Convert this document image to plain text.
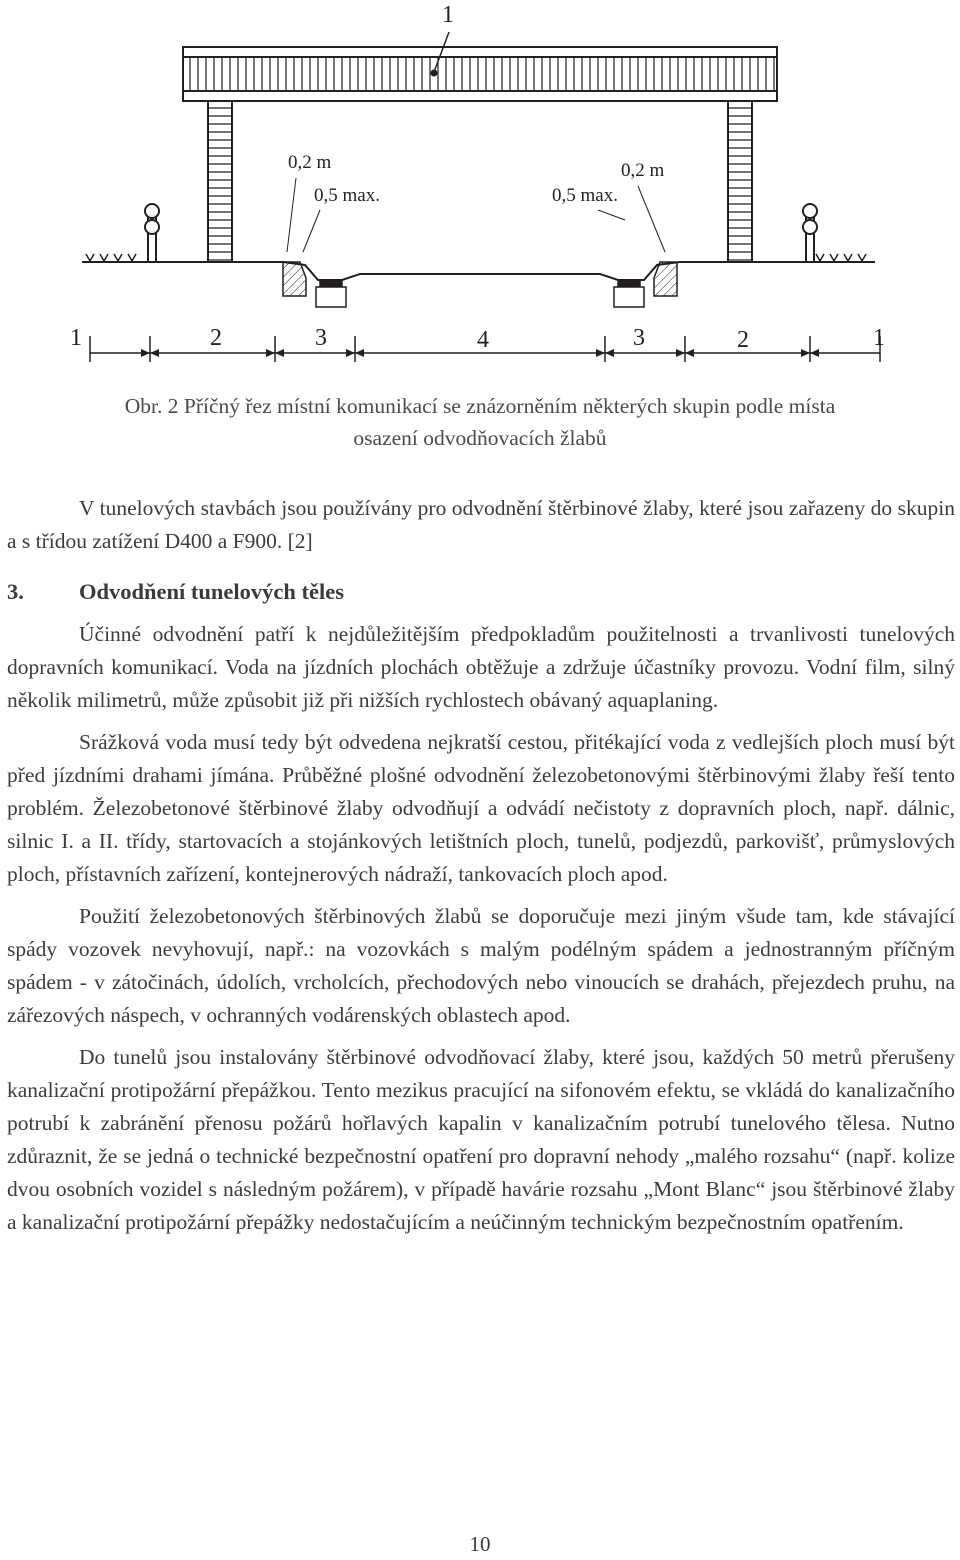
1
0,2 m
0,5 max.
0,2 m
0,5 max.
1	2	3	4	3	2	1
Obr. 2 Příčný řez místní komunikací se znázorněním některých skupin podle místa
osazení odvodňovacích žlabů

V tunelových stavbách jsou používány pro odvodnění štěrbinové žlaby, které jsou zařazeny do skupin a s třídou zatížení D400 a F900. [2]

3. Odvodňení tunelových těles

Účinné odvodnění patří k nejdůležitějším předpokladům použitelnosti a trvanlivosti tunelových dopravních komunikací. Voda na jízdních plochách obtěžuje a zdržuje účastníky provozu. Vodní film, silný několik milimetrů, může způsobit již při nižších rychlostech obávaný aquaplaning.

Srážková voda musí tedy být odvedena nejkratší cestou, přitékající voda z vedlejších ploch musí být před jízdními drahami jímána. Průběžné plošné odvodnění železobetonovými štěrbinovými žlaby řeší tento problém. Železobetonové štěrbinové žlaby odvodňují a odvádí nečistoty z dopravních ploch, např. dálnic, silnic I. a II. třídy, startovacích a stojánkových letištních ploch, tunelů, podjezdů, parkovišť, průmyslových ploch, přístavních zařízení, kontejnerových nádraží, tankovacích ploch apod.

Použití železobetonových štěrbinových žlabů se doporučuje mezi jiným všude tam, kde stávající spády vozovek nevyhovují, např.: na vozovkách s malým podélným spádem a jednostranným příčným spádem - v zátočinách, údolích, vrcholcích, přechodových nebo vinoucích se drahách, přejezdech pruhu, na zářezových náspech, v ochranných vodárenských oblastech apod.

Do tunelů jsou instalovány štěrbinové odvodňovací žlaby, které jsou, každých 50 metrů přerušeny kanalizační protipožární přepážkou. Tento mezikus pracující na sifonovém efektu, se vkládá do kanalizačního potrubí k zabránění přenosu požárů hořlavých kapalin v kanalizačním potrubí tunelového tělesa. Nutno zdůraznit, že se jedná o technické bezpečnostní opatření pro dopravní nehody „malého rozsahu“ (např. kolize dvou osobních vozidel s následným požárem), v případě havárie rozsahu „Mont Blanc“ jsou štěrbinové žlaby a kanalizační protipožární přepážky nedostačujícím a neúčinným technickým bezpečnostním opatřením.

10
